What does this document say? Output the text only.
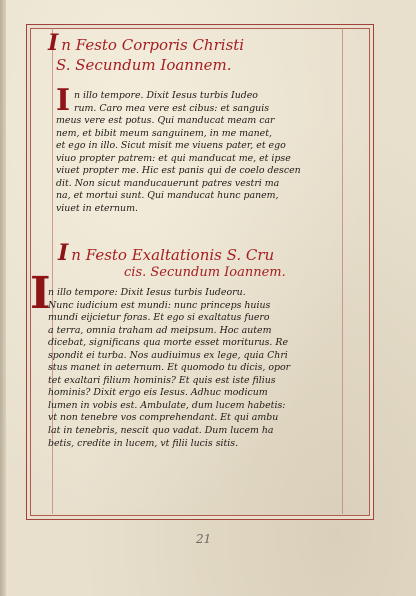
I n Festo Corporis Christi
S. Secundum Ioannem.
I n illo tempore. Dixit Iesus turbis Iudeo
rum. Caro mea vere est cibus: et sanguis
meus vere est potus. Qui manducat meam car
nem, et bibit meum sanguinem, in me manet,
et ego in illo. Sicut misit me viuens pater, et ego
viuo propter patrem: et qui manducat me, et ipse
viuet propter me. Hic est panis qui de coelo descen
dit. Non sicut manducauerunt patres vestri ma
na, et mortui sunt. Qui manducat hunc panem,
viuet in eternum.
I n Festo Exaltationis S. Cru
cis. Secundum Ioannem.
I
n illo tempore: Dixit Iesus turbis Iudeoru.
Nunc iudicium est mundi: nunc princeps huius
mundi eijcietur foras. Et ego si exaltatus fuero
a terra, omnia traham ad meipsum. Hoc autem
dicebat, significans qua morte esset moriturus. Re
spondit ei turba. Nos audiuimus ex lege, quia Chri
stus manet in aeternum. Et quomodo tu dicis, opor
tet exaltari filium hominis? Et quis est iste filius
hominis? Dixit ergo eis Iesus. Adhuc modicum
lumen in vobis est. Ambulate, dum lucem habetis:
vt non tenebre vos comprehendant. Et qui ambu
lat in tenebris, nescit quo vadat. Dum lucem ha
betis, credite in lucem, vt filii lucis sitis.
21
